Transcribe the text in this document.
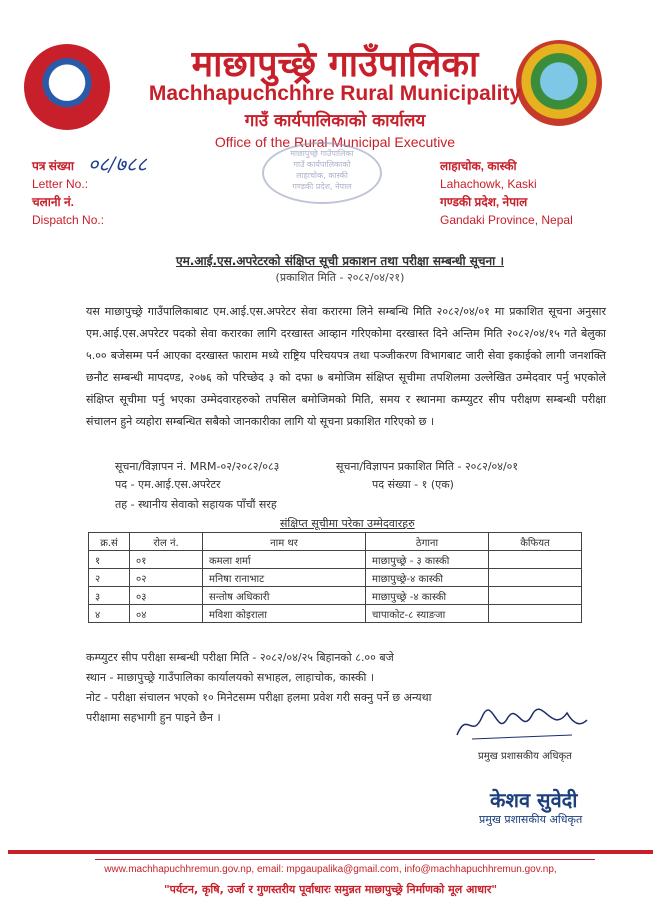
माछापुच्छ्रे गाउँपालिका
Machhapuchchhre Rural Municipality
गाउँ कार्यपालिकाको कार्यालय
Office of the Rural Municipal Executive
पत्र संख्या
Letter No.:
चलानी नं.
Dispatch No.:
०८/७८८	माछापुच्छ्रे गाउँपालिका
गाउँ कार्यपालिकाको
लाहाचोक, कास्की
गण्डकी प्रदेश, नेपाल
लाहाचोक, कास्की
Lahachowk, Kaski
गण्डकी प्रदेश, नेपाल
Gandaki Province, Nepal
एम.आई.एस.अपरेटरको संक्षिप्त सूची प्रकाशन तथा परीक्षा सम्बन्धी सूचना ।
(प्रकाशित मिति - २०८२/०४/२१)
यस माछापुच्छ्रे गाउँपालिकाबाट एम.आई.एस.अपरेटर सेवा करारमा लिने सम्बन्धि मिति २०८२/०४/०१ मा प्रकाशित सूचना अनुसार एम.आई.एस.अपरेटर पदको सेवा करारका लागि दरखास्त आव्हान गरिएकोमा दरखास्त दिने अन्तिम मिति २०८२/०४/१५ गते बेलुका ५.०० बजेसम्म पर्न आएका दरखास्त फाराम मध्ये राष्ट्रिय परिचयपत्र तथा पञ्जीकरण विभागबाट जारी सेवा इकाईको लागी जनशक्ति छनौट सम्बन्धी मापदण्ड, २०७६ को परिच्छेद ३ को दफा ७ बमोजिम संक्षिप्त सूचीमा तपशिलमा उल्लेखित उम्मेदवार पर्नु भएकोले संक्षिप्त सूचीमा पर्नु भएका उम्मेदवारहरुको तपसिल बमोजिमको मिति, समय र स्थानमा कम्प्युटर सीप परीक्षण सम्बन्धी परीक्षा संचालन हुने व्यहोरा सम्बन्धित सबैको जानकारीका लागि यो सूचना प्रकाशित गरिएको छ ।
सूचना/विज्ञापन नं. MRM-०२/२०८२/०८३	सूचना/विज्ञापन प्रकाशित मिति - २०८२/०४/०१
पद - एम.आई.एस.अपरेटर	पद संख्या - १ (एक)
तह - स्थानीय सेवाको सहायक पाँचौं सरह
संक्षिप्त सूचीमा परेका उम्मेदवारहरु
क्र.सं	रोल नं.	नाम थर	ठेगाना	कैफियत
१	०१	कमला शर्मा	माछापुच्छ्रे - ३ कास्की	
२	०२	मनिषा रानाभाट	माछापुच्छ्रे-४ कास्की	
३	०३	सन्तोष अधिकारी	माछापुच्छ्रे -४ कास्की	
४	०४	मविशा कोइराला	चापाकोट-८ स्याङजा	
कम्प्युटर सीप परीक्षा सम्बन्धी परीक्षा मिति - २०८२/०४/२५ बिहानको ८.०० बजे
स्थान - माछापुच्छ्रे गाउँपालिका कार्यालयको सभाहल, लाहाचोक, कास्की ।
नोट - परीक्षा संचालन भएको १० मिनेटसम्म परीक्षा हलमा प्रवेश गरी सक्नु पर्ने छ अन्यथा परीक्षामा सहभागी हुन पाइने छैन ।
प्रमुख प्रशासकीय अधिकृत
केशव सुवेदी
प्रमुख प्रशासकीय अधिकृत
www.machhapuchhremun.gov.np, email: mpgaupalika@gmail.com, info@machhapuchhremun.gov.np,
"पर्यटन, कृषि, उर्जा र गुणस्तरीय पूर्वाधारः समुन्नत माछापुच्छ्रे निर्माणको मूल आधार"
